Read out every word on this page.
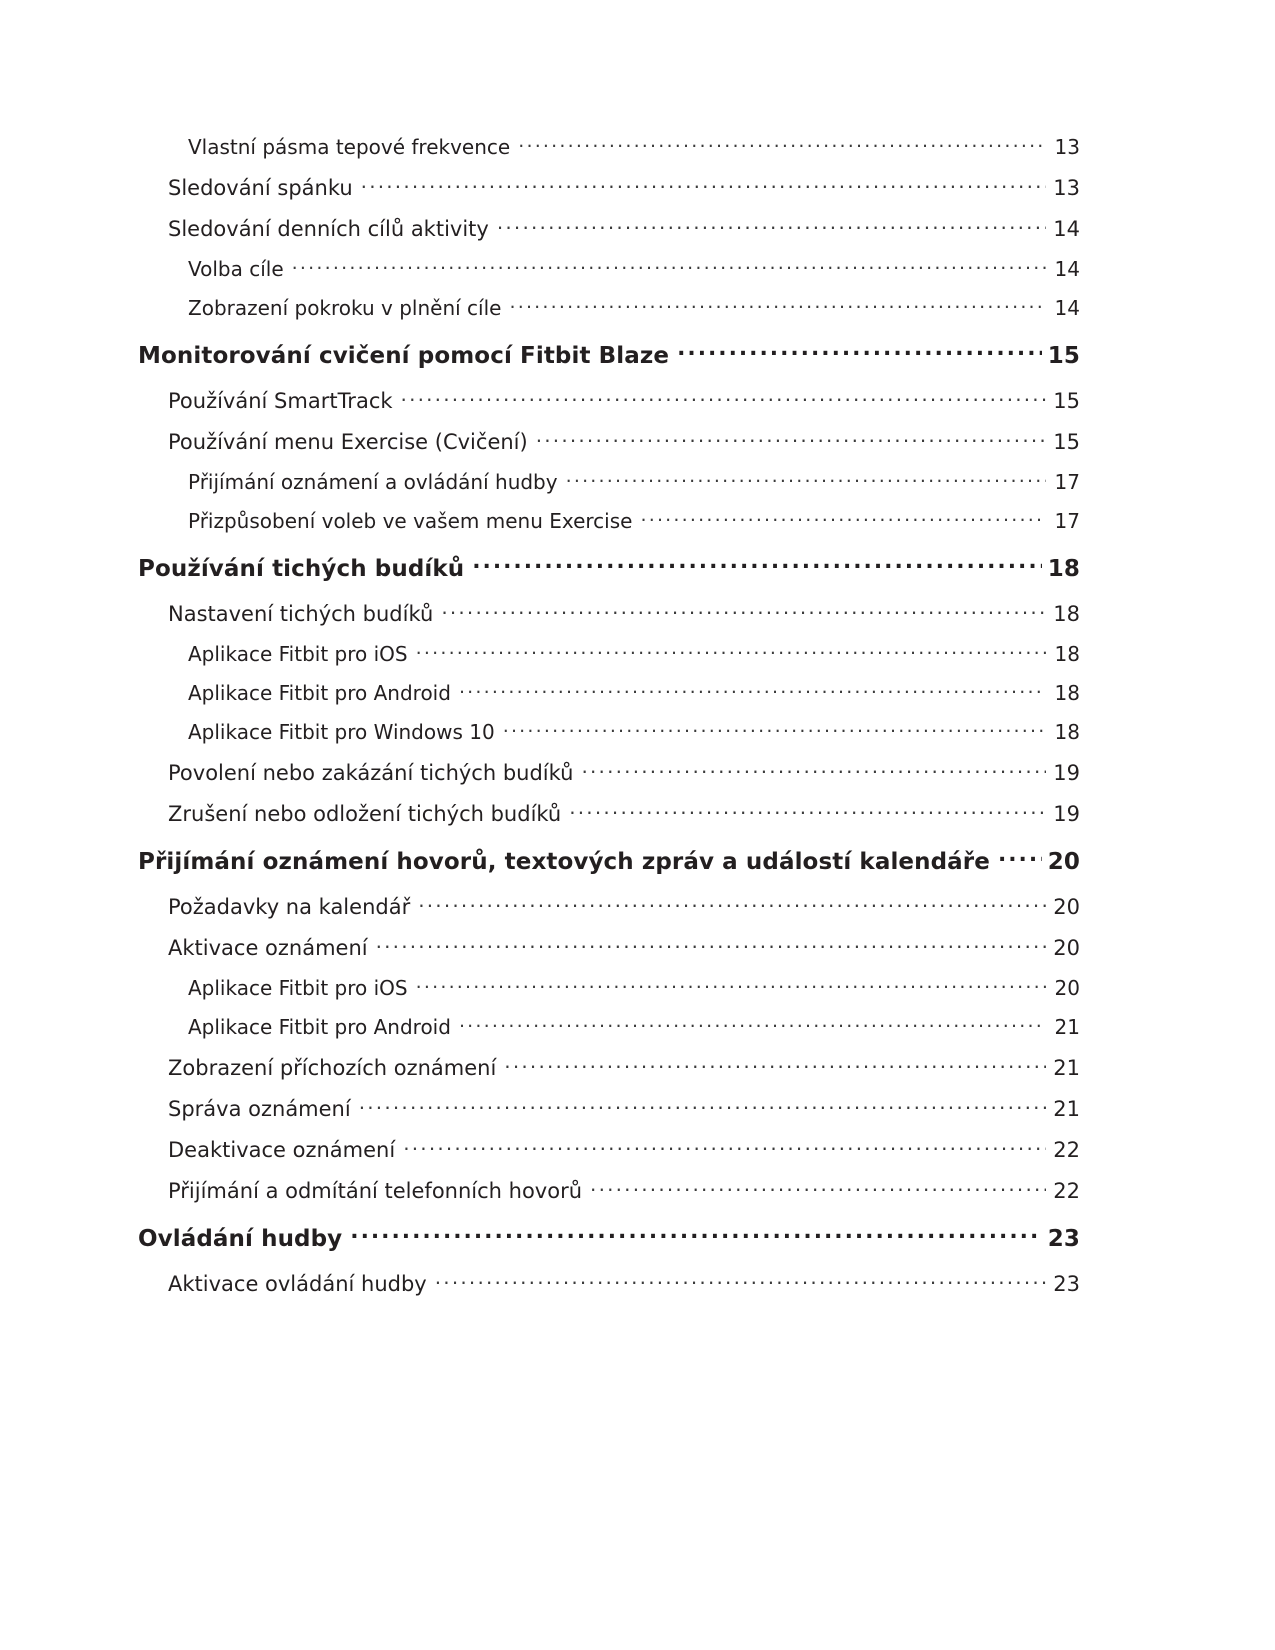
Vlastní pásma tepové frekvence .....	13
Sledování spánku .....	13
Sledování denních cílů aktivity .....	14
Volba cíle .....	14
Zobrazení pokroku v plnění cíle .....	14
Monitorování cvičení pomocí Fitbit Blaze .....	15
Používání SmartTrack .....	15
Používání menu Exercise (Cvičení) .....	15
Přijímání oznámení a ovládání hudby .....	17
Přizpůsobení voleb ve vašem menu Exercise .....	17
Používání tichých budíků .....	18
Nastavení tichých budíků .....	18
Aplikace Fitbit pro iOS .....	18
Aplikace Fitbit pro Android .....	18
Aplikace Fitbit pro Windows 10 .....	18
Povolení nebo zakázání tichých budíků .....	19
Zrušení nebo odložení tichých budíků .....	19
Přijímání oznámení hovorů, textových zpráv a událostí kalendáře .....	20
Požadavky na kalendář .....	20
Aktivace oznámení .....	20
Aplikace Fitbit pro iOS .....	20
Aplikace Fitbit pro Android .....	21
Zobrazení příchozích oznámení .....	21
Správa oznámení .....	21
Deaktivace oznámení .....	22
Přijímání a odmítání telefonních hovorů .....	22
Ovládání hudby .....	23
Aktivace ovládání hudby .....	23
